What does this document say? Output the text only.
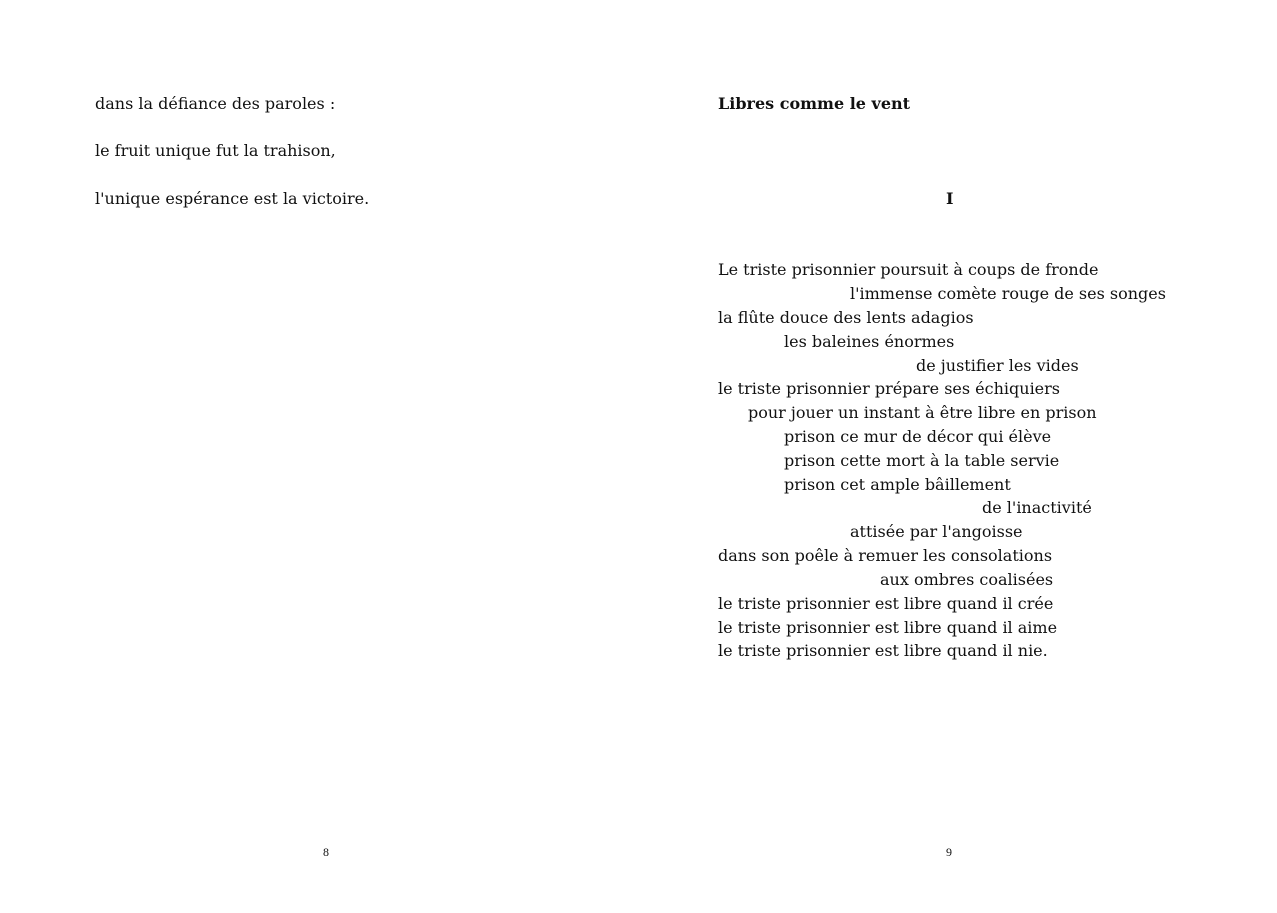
dans la défiance des paroles :
le fruit unique fut la trahison,
l'unique espérance est la victoire.
8
Libres comme le vent
I
Le triste prisonnier poursuit à coups de fronde
l'immense comète rouge de ses songes
la flûte douce des lents adagios
les baleines énormes
de justifier les vides
le triste prisonnier prépare ses échiquiers
pour jouer un instant à être libre en prison
prison ce mur de décor qui élève
prison cette mort à la table servie
prison cet ample bâillement
de l'inactivité
attisée par l'angoisse
dans son poêle à remuer les consolations
aux ombres coalisées
le triste prisonnier est libre quand il crée
le triste prisonnier est libre quand il aime
le triste prisonnier est libre quand il nie.
9
